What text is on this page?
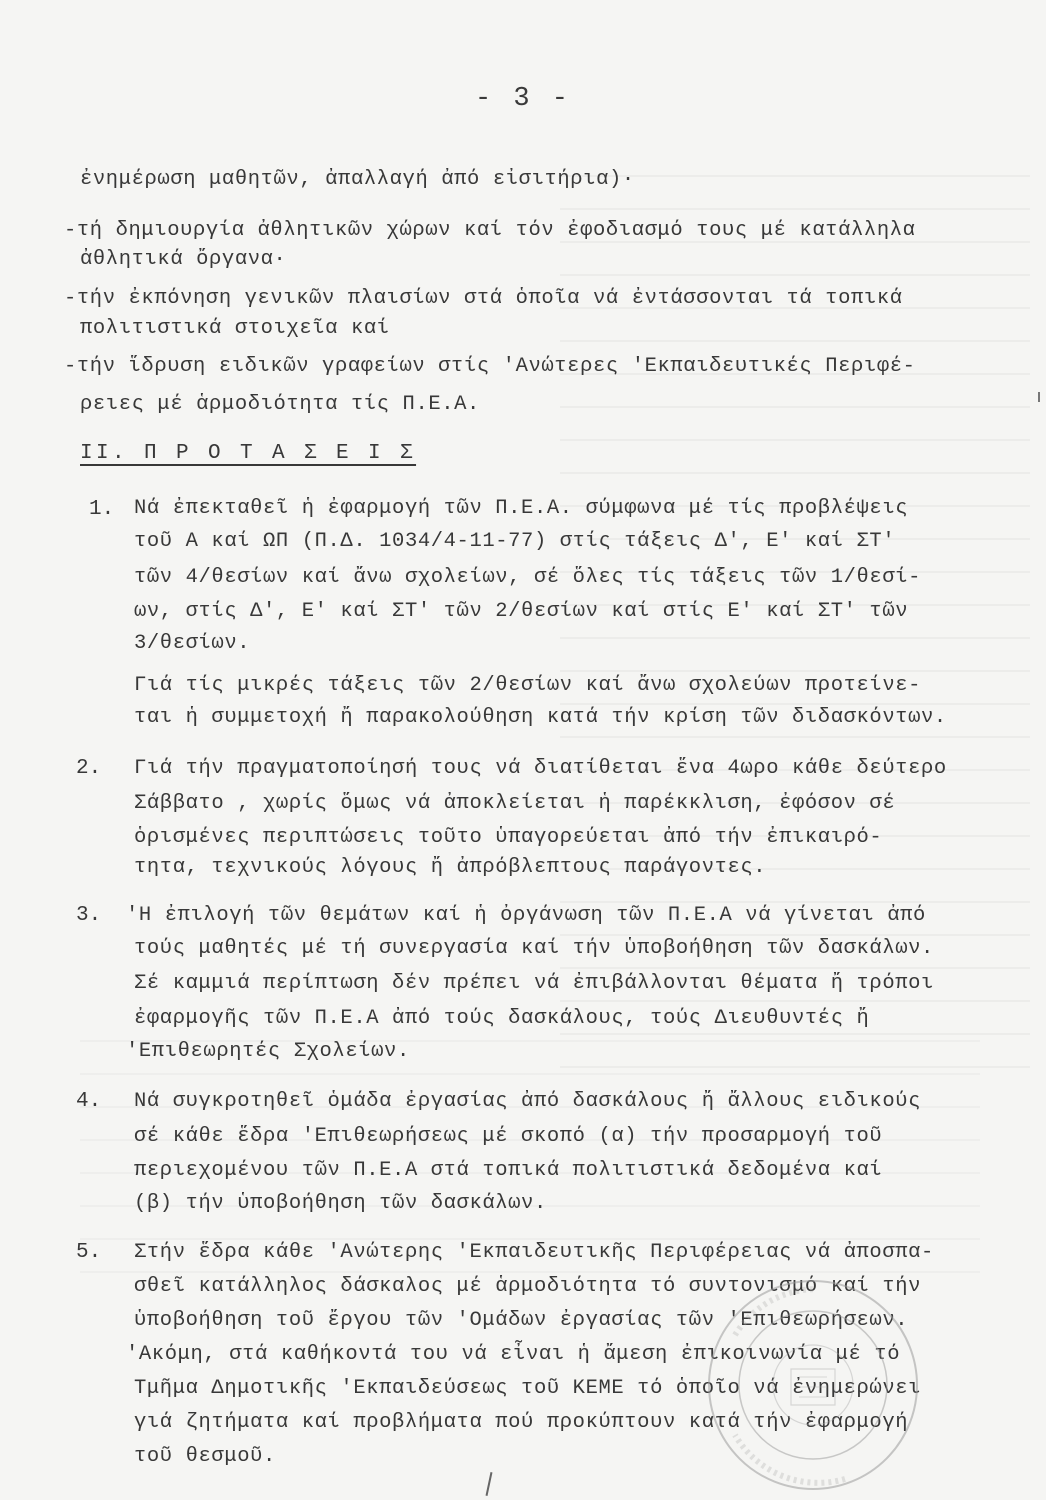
- 3 -
ἐνημέρωση μαθητῶν, ἀπαλλαγή ἀπό εἰσιτήρια)·
-τή δημιουργία ἀθλητικῶν χώρων καί τόν ἐφοδιασμό τους μέ κατάλληλα
ἀθλητικά ὄργανα·
-τήν ἐκπόνηση γενικῶν πλαισίων στά ὁποῖα νά ἐντάσσονται τά τοπικά
πολιτιστικά στοιχεῖα καί
-τήν ἵδρυση ειδικῶν γραφείων στίς 'Ανώτερες 'Εκπαιδευτικές Περιφέ-
ρειες μέ ἁρμοδιότητα τίς Π.Ε.Α.
ΙΙ. Π Ρ Ο Τ Α Σ Ε Ι Σ
1. Νά ἐπεκταθεῖ ἡ ἐφαρμογή τῶν Π.Ε.Α. σύμφωνα μέ τίς προβλέψεις
τοῦ Α καί ΩΠ (Π.Δ. 1034/4-11-77) στίς τάξεις Δ', Ε' καί ΣΤ'
τῶν 4/θεσίων καί ἄνω σχολείων, σέ ὅλες τίς τάξεις τῶν 1/θεσί-
ων, στίς Δ', Ε' καί ΣΤ' τῶν 2/θεσίων καί στίς Ε' καί ΣΤ' τῶν
3/θεσίων.
Γιά τίς μικρές τάξεις τῶν 2/θεσίων καί ἄνω σχολεύων προτείνε-
ται ἡ συμμετοχή ἤ παρακολούθηση κατά τήν κρίση τῶν διδασκόντων.
2. Γιά τήν πραγματοποίησή τους νά διατίθεται ἕνα 4ωρο κάθε δεύτερο
Σάββατο , χωρίς ὅμως νά ἀποκλείεται ἡ παρέκκλιση, ἐφόσον σέ
ὁρισμένες περιπτώσεις τοῦτο ὑπαγορεύεται ἀπό τήν ἐπικαιρό-
τητα, τεχνικούς λόγους ἤ ἀπρόβλεπτους παράγοντες.
3. 'Η ἐπιλογή τῶν θεμάτων καί ἡ ὀργάνωση τῶν Π.Ε.Α νά γίνεται ἀπό
τούς μαθητές μέ τή συνεργασία καί τήν ὑποβοήθηση τῶν δασκάλων.
Σέ καμμιά περίπτωση δέν πρέπει νά ἐπιβάλλονται θέματα ἤ τρόποι
ἐφαρμογῆς τῶν Π.Ε.Α ἀπό τούς δασκάλους, τούς Διευθυντές ἤ
'Επιθεωρητές Σχολείων.
4. Νά συγκροτηθεῖ ὁμάδα ἐργασίας ἀπό δασκάλους ἤ ἄλλους ειδικούς
σέ κάθε ἕδρα 'Επιθεωρήσεως μέ σκοπό (α) τήν προσαρμογή τοῦ
περιεχομένου τῶν Π.Ε.Α στά τοπικά πολιτιστικά δεδομένα καί
(β) τήν ὑποβοήθηση τῶν δασκάλων.
5. Στήν ἕδρα κάθε 'Ανώτερης 'Εκπαιδευτικῆς Περιφέρειας νά ἀποσπα-
σθεῖ κατάλληλος δάσκαλος μέ ἁρμοδιότητα τό συντονισμό καί τήν
ὑποβοήθηση τοῦ ἔργου τῶν 'Ομάδων ἐργασίας τῶν 'Επιθεωρήσεων.
'Ακόμη, στά καθήκοντά του νά εἶναι ἡ ἄμεση ἐπικοινωνία μέ τό
Τμῆμα Δημοτικῆς 'Εκπαιδεύσεως τοῦ ΚΕΜΕ τό ὁποῖο νά ἐνημερώνει
γιά ζητήματα καί προβλήματα πού προκύπτουν κατά τήν ἐφαρμογή
τοῦ θεσμοῦ.
